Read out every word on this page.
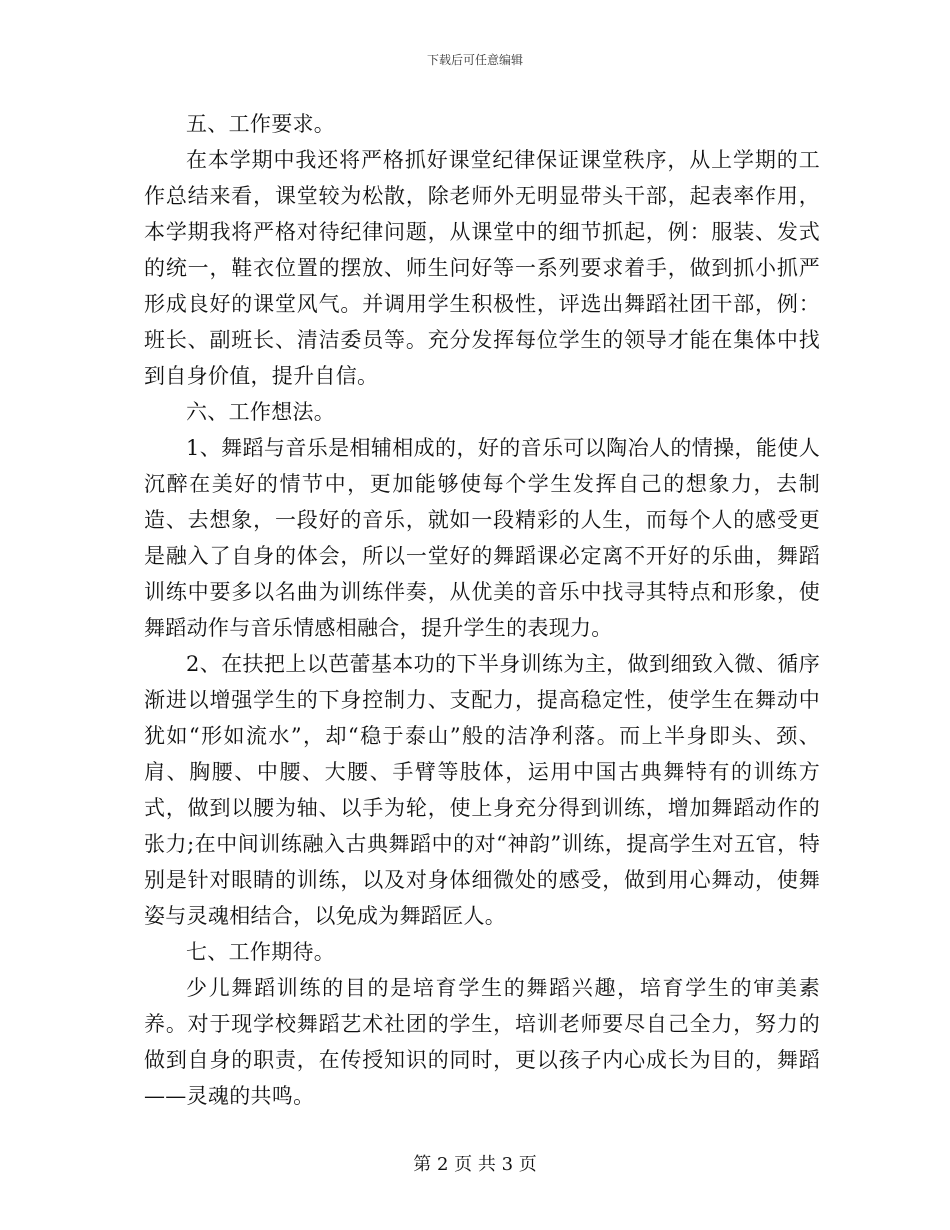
下载后可任意编辑

五、工作要求。

在本学期中我还将严格抓好课堂纪律保证课堂秩序，从上学期的工作总结来看，课堂较为松散，除老师外无明显带头干部，起表率作用，本学期我将严格对待纪律问题，从课堂中的细节抓起，例：服装、发式的统一，鞋衣位置的摆放、师生问好等一系列要求着手，做到抓小抓严形成良好的课堂风气。并调用学生积极性，评选出舞蹈社团干部，例：班长、副班长、清洁委员等。充分发挥每位学生的领导才能在集体中找到自身价值，提升自信。

六、工作想法。

1、舞蹈与音乐是相辅相成的，好的音乐可以陶冶人的情操，能使人沉醉在美好的情节中，更加能够使每个学生发挥自己的想象力，去制造、去想象，一段好的音乐，就如一段精彩的人生，而每个人的感受更是融入了自身的体会，所以一堂好的舞蹈课必定离不开好的乐曲，舞蹈训练中要多以名曲为训练伴奏，从优美的音乐中找寻其特点和形象，使舞蹈动作与音乐情感相融合，提升学生的表现力。

2、在扶把上以芭蕾基本功的下半身训练为主，做到细致入微、循序渐进以增强学生的下身控制力、支配力，提高稳定性，使学生在舞动中犹如“形如流水”，却“稳于泰山”般的洁净利落。而上半身即头、颈、肩、胸腰、中腰、大腰、手臂等肢体，运用中国古典舞特有的训练方式，做到以腰为轴、以手为轮，使上身充分得到训练，增加舞蹈动作的张力;在中间训练融入古典舞蹈中的对“神韵”训练，提高学生对五官，特别是针对眼睛的训练，以及对身体细微处的感受，做到用心舞动，使舞姿与灵魂相结合，以免成为舞蹈匠人。

七、工作期待。

少儿舞蹈训练的目的是培育学生的舞蹈兴趣，培育学生的审美素养。对于现学校舞蹈艺术社团的学生，培训老师要尽自己全力，努力的做到自身的职责，在传授知识的同时，更以孩子内心成长为目的，舞蹈——灵魂的共鸣。

第 2 页 共 3 页
